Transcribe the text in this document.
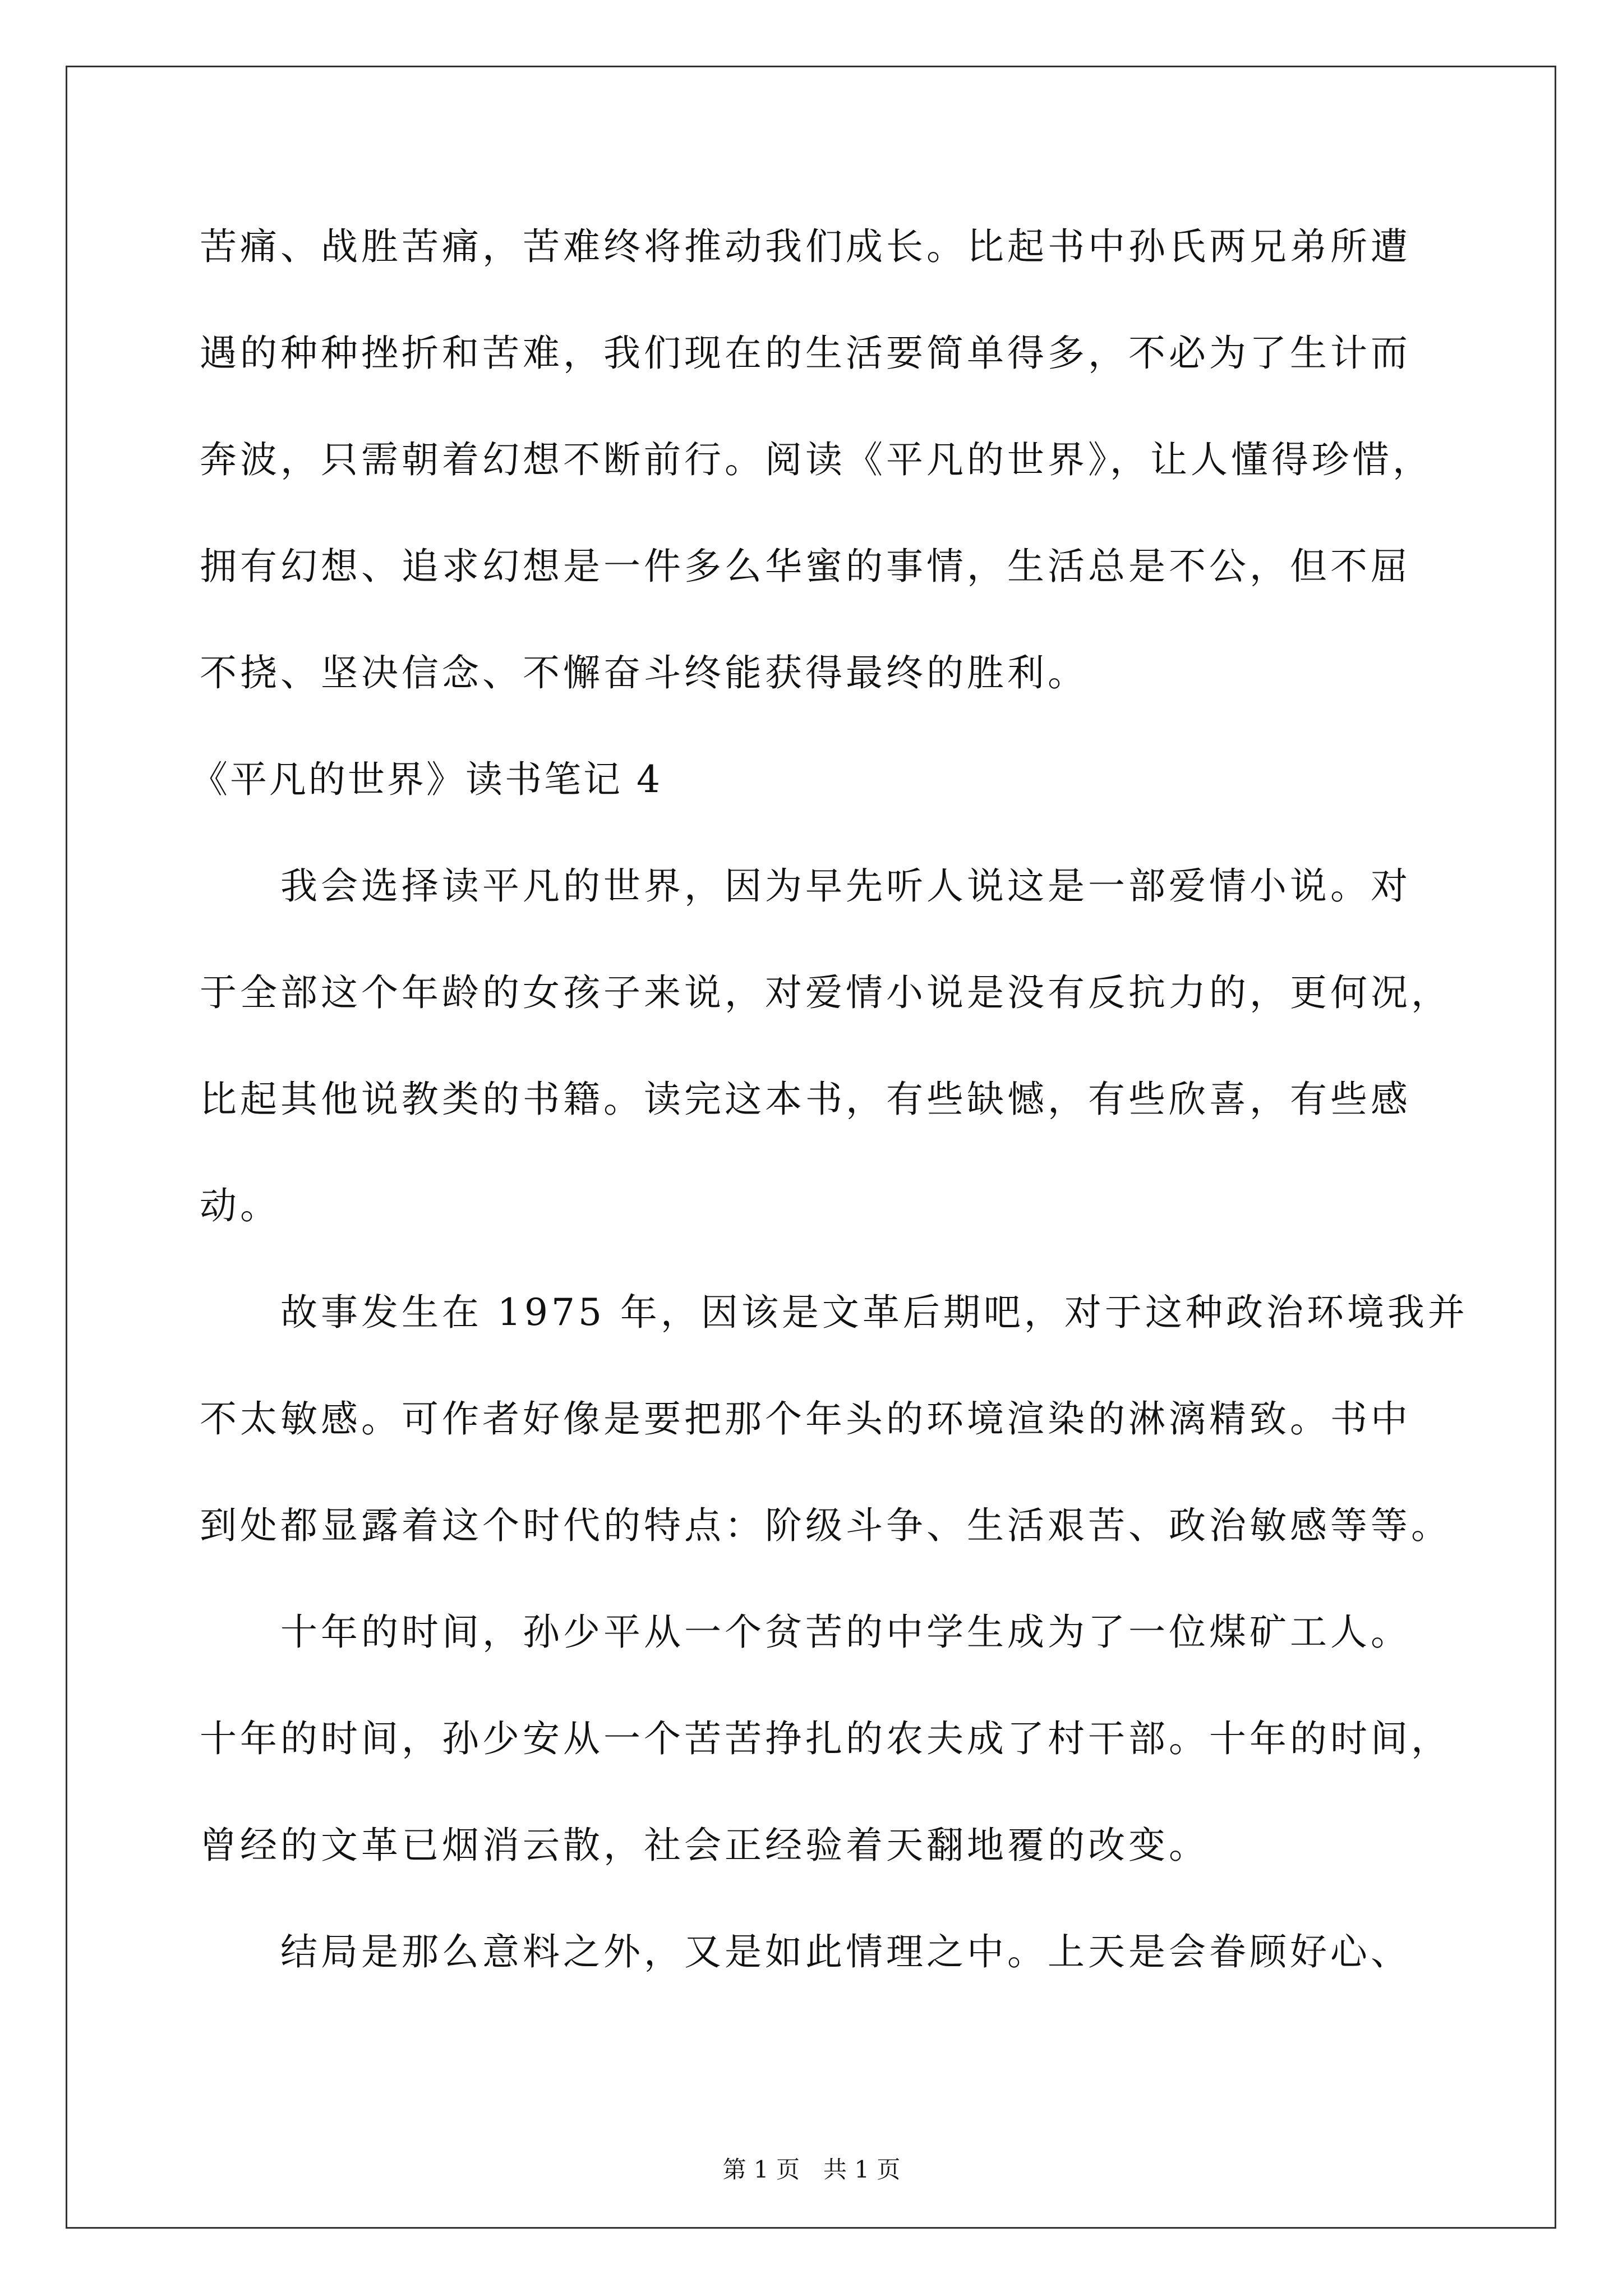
苦痛、战胜苦痛，苦难终将推动我们成长。比起书中孙氏两兄弟所遭
遇的种种挫折和苦难，我们现在的生活要简单得多，不必为了生计而
奔波，只需朝着幻想不断前行。阅读《平凡的世界》，让人懂得珍惜，
拥有幻想、追求幻想是一件多么华蜜的事情，生活总是不公，但不屈
不挠、坚决信念、不懈奋斗终能获得最终的胜利。
《平凡的世界》读书笔记 4
　　我会选择读平凡的世界，因为早先听人说这是一部爱情小说。对
于全部这个年龄的女孩子来说，对爱情小说是没有反抗力的，更何况，
比起其他说教类的书籍。读完这本书，有些缺憾，有些欣喜，有些感
动。
　　故事发生在 1975 年，因该是文革后期吧，对于这种政治环境我并
不太敏感。可作者好像是要把那个年头的环境渲染的淋漓精致。书中
到处都显露着这个时代的特点：阶级斗争、生活艰苦、政治敏感等等。
　　十年的时间，孙少平从一个贫苦的中学生成为了一位煤矿工人。
十年的时间，孙少安从一个苦苦挣扎的农夫成了村干部。十年的时间，
曾经的文革已烟消云散，社会正经验着天翻地覆的改变。
　　结局是那么意料之外，又是如此情理之中。上天是会眷顾好心、
第 1 页　共 1 页
